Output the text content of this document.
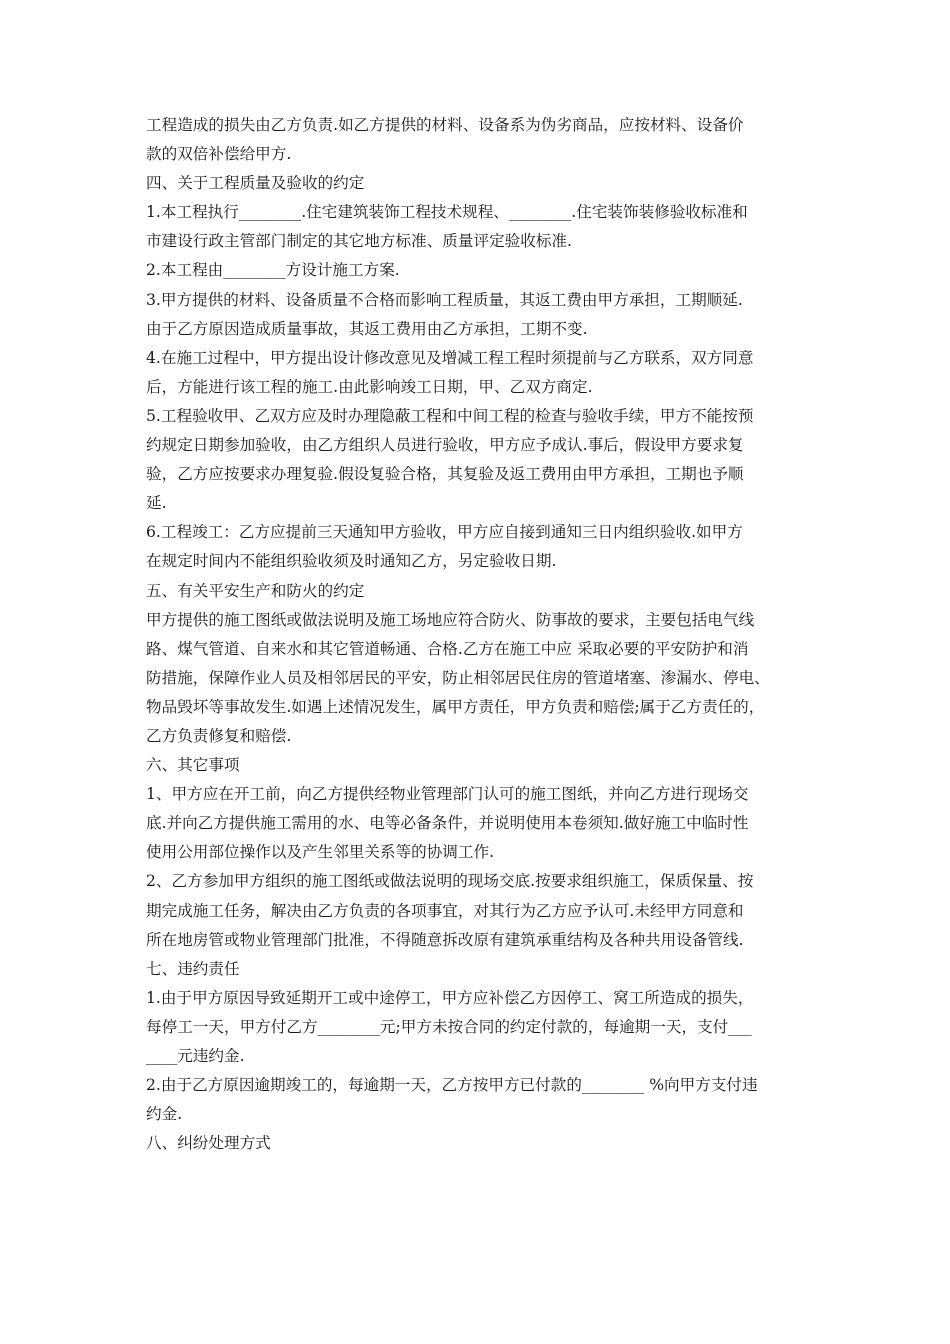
工程造成的损失由乙方负责.如乙方提供的材料、设备系为伪劣商品，应按材料、设备价
款的双倍补偿给甲方.
四、关于工程质量及验收的约定
1.本工程执行________.住宅建筑装饰工程技术规程、________.住宅装饰装修验收标准和
市建设行政主管部门制定的其它地方标准、质量评定验收标准.
2.本工程由________方设计施工方案.
3.甲方提供的材料、设备质量不合格而影响工程质量，其返工费由甲方承担，工期顺延.
由于乙方原因造成质量事故，其返工费用由乙方承担，工期不变.
4.在施工过程中，甲方提出设计修改意见及增减工程工程时须提前与乙方联系，双方同意
后，方能进行该工程的施工.由此影响竣工日期，甲、乙双方商定.
5.工程验收甲、乙双方应及时办理隐蔽工程和中间工程的检查与验收手续，甲方不能按预
约规定日期参加验收，由乙方组织人员进行验收，甲方应予成认.事后，假设甲方要求复
验，乙方应按要求办理复验.假设复验合格，其复验及返工费用由甲方承担，工期也予顺
延.
6.工程竣工：乙方应提前三天通知甲方验收，甲方应自接到通知三日内组织验收.如甲方
在规定时间内不能组织验收须及时通知乙方，另定验收日期.
五、有关平安生产和防火的约定
甲方提供的施工图纸或做法说明及施工场地应符合防火、防事故的要求，主要包括电气线
路、煤气管道、自来水和其它管道畅通、合格.乙方在施工中应 采取必要的平安防护和消
防措施，保障作业人员及相邻居民的平安，防止相邻居民住房的管道堵塞、渗漏水、停电、
物品毁坏等事故发生.如遇上述情况发生，属甲方责任，甲方负责和赔偿;属于乙方责任的，
乙方负责修复和赔偿.
六、其它事项
1、甲方应在开工前，向乙方提供经物业管理部门认可的施工图纸，并向乙方进行现场交
底.并向乙方提供施工需用的水、电等必备条件，并说明使用本卷须知.做好施工中临时性
使用公用部位操作以及产生邻里关系等的协调工作.
2、乙方参加甲方组织的施工图纸或做法说明的现场交底.按要求组织施工，保质保量、按
期完成施工任务，解决由乙方负责的各项事宜，对其行为乙方应予认可.未经甲方同意和
所在地房管或物业管理部门批准，不得随意拆改原有建筑承重结构及各种共用设备管线.
七、违约责任
1.由于甲方原因导致延期开工或中途停工，甲方应补偿乙方因停工、窝工所造成的损失，
每停工一天，甲方付乙方________元;甲方未按合同的约定付款的，每逾期一天，支付___
____元违约金.
2.由于乙方原因逾期竣工的，每逾期一天，乙方按甲方已付款的________ %向甲方支付违
约金.
八、纠纷处理方式
